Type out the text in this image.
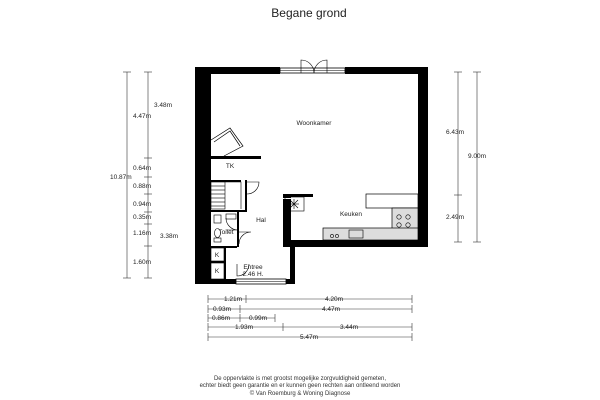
Begane grond
Woonkamer
TK
Hal
Keuken
Toilet
K
K
Entree
2.46 H.
3.48m
4.47m
0.64m
10.87m
0.88m
0.94m
0.35m
1.16m 3.38m
1.60m
6.43m
9.00m
2.49m
1.21m	4.20m
0.93m	4.47m
0.86m	0.99m
1.93m	3.44m
5.47m
De oppervlakte is met grootst mogelijke zorgvuldigheid gemeten,
echter biedt geen garantie en er kunnen geen rechten aan ontleend worden
© Van Roemburg & Woning Diagnose
